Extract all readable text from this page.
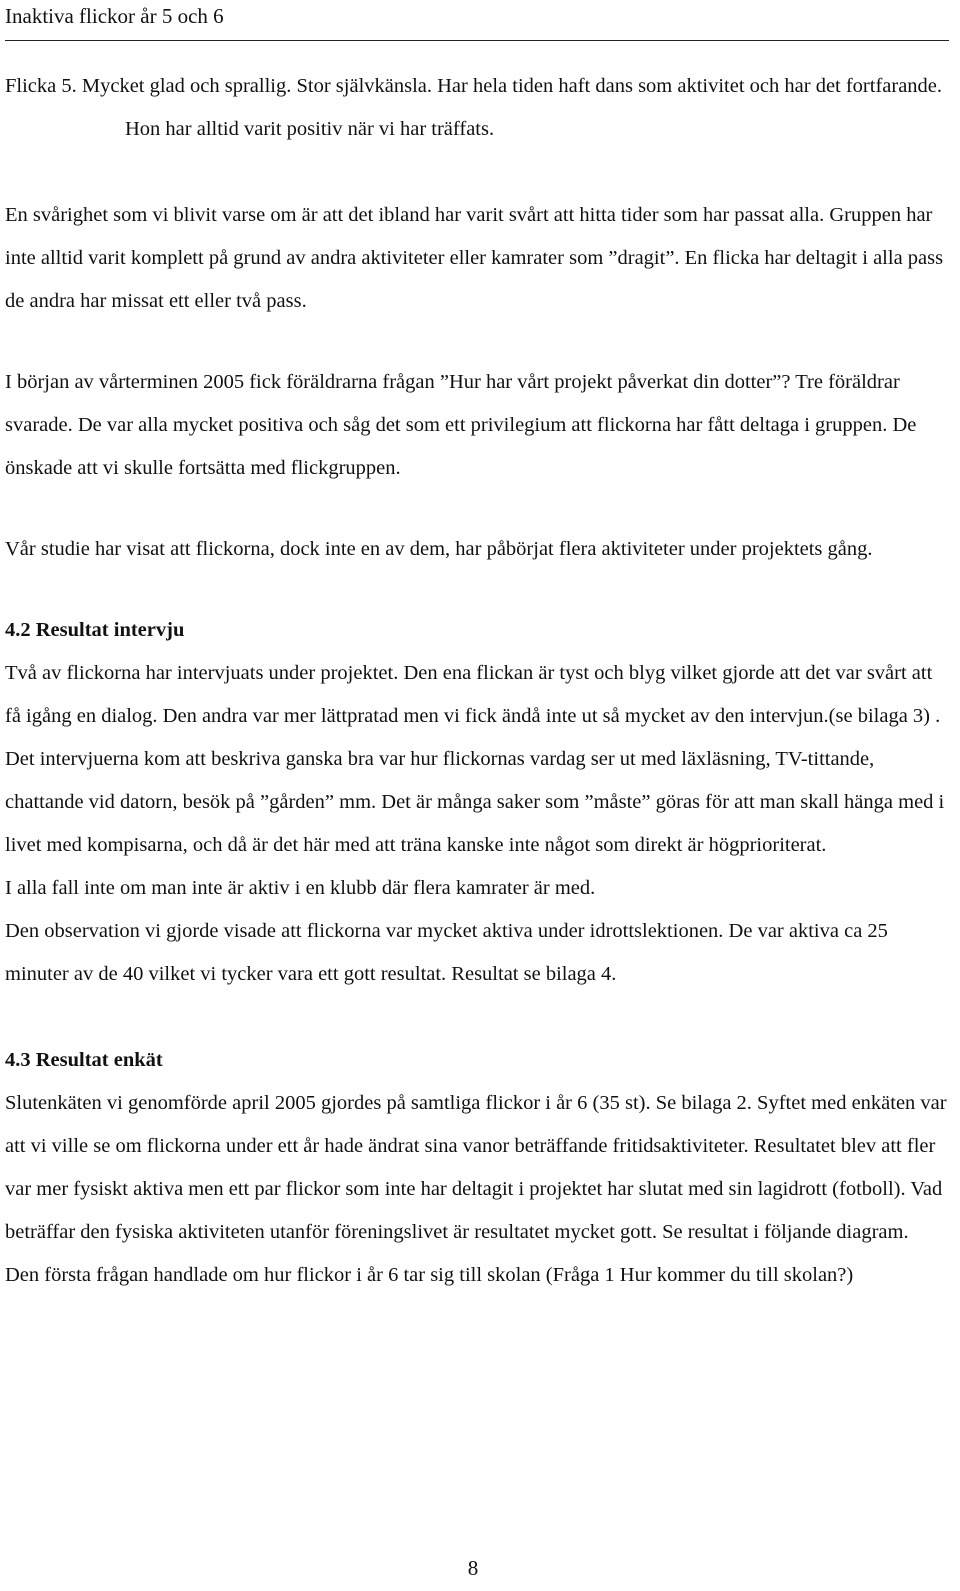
Inaktiva flickor år 5 och 6

Flicka 5. Mycket glad och sprallig. Stor självkänsla. Har hela tiden haft dans som aktivitet och har det fortfarande. Hon har alltid varit positiv när vi har träffats.

En svårighet som vi blivit varse om är att det ibland har varit svårt att hitta tider som har passat alla. Gruppen har inte alltid varit komplett på grund av andra aktiviteter eller kamrater som ”dragit”. En flicka har deltagit i alla pass de andra har missat ett eller två pass.

I början av vårterminen 2005 fick föräldrarna frågan ”Hur har vårt projekt påverkat din dotter”? Tre föräldrar svarade. De var alla mycket positiva och såg det som ett privilegium att flickorna har fått deltaga i gruppen. De önskade att vi skulle fortsätta med flickgruppen.

Vår studie har visat att flickorna, dock inte en av dem, har påbörjat flera aktiviteter under projektets gång.

4.2 Resultat intervju

Två av flickorna har intervjuats under projektet. Den ena flickan är tyst och blyg vilket gjorde att det var svårt att få igång en dialog. Den andra var mer lättpratad men vi fick ändå inte ut så mycket av den intervjun.(se bilaga 3) . Det intervjuerna kom att beskriva ganska bra var hur flickornas vardag ser ut med läxläsning, TV-tittande, chattande vid datorn, besök på ”gården” mm. Det är många saker som ”måste” göras för att man skall hänga med i livet med kompisarna, och då är det här med att träna kanske inte något som direkt är högprioriterat.

I alla fall inte om man inte är aktiv i en klubb där flera kamrater är med.

Den observation vi gjorde visade att flickorna var mycket aktiva under idrottslektionen. De var aktiva ca 25 minuter av de 40 vilket vi tycker vara ett gott resultat. Resultat se bilaga 4.

4.3 Resultat enkät

Slutenkäten vi genomförde april 2005 gjordes på samtliga flickor i år 6 (35 st). Se bilaga 2. Syftet med enkäten var att vi ville se om flickorna under ett år hade ändrat sina vanor beträffande fritidsaktiviteter. Resultatet blev att fler var mer fysiskt aktiva men ett par flickor som inte har deltagit i projektet har slutat med sin lagidrott (fotboll). Vad beträffar den fysiska aktiviteten utanför föreningslivet är resultatet mycket gott. Se resultat i följande diagram.

Den första frågan handlade om hur flickor i år 6 tar sig till skolan (Fråga 1 Hur kommer du till skolan?)

8
